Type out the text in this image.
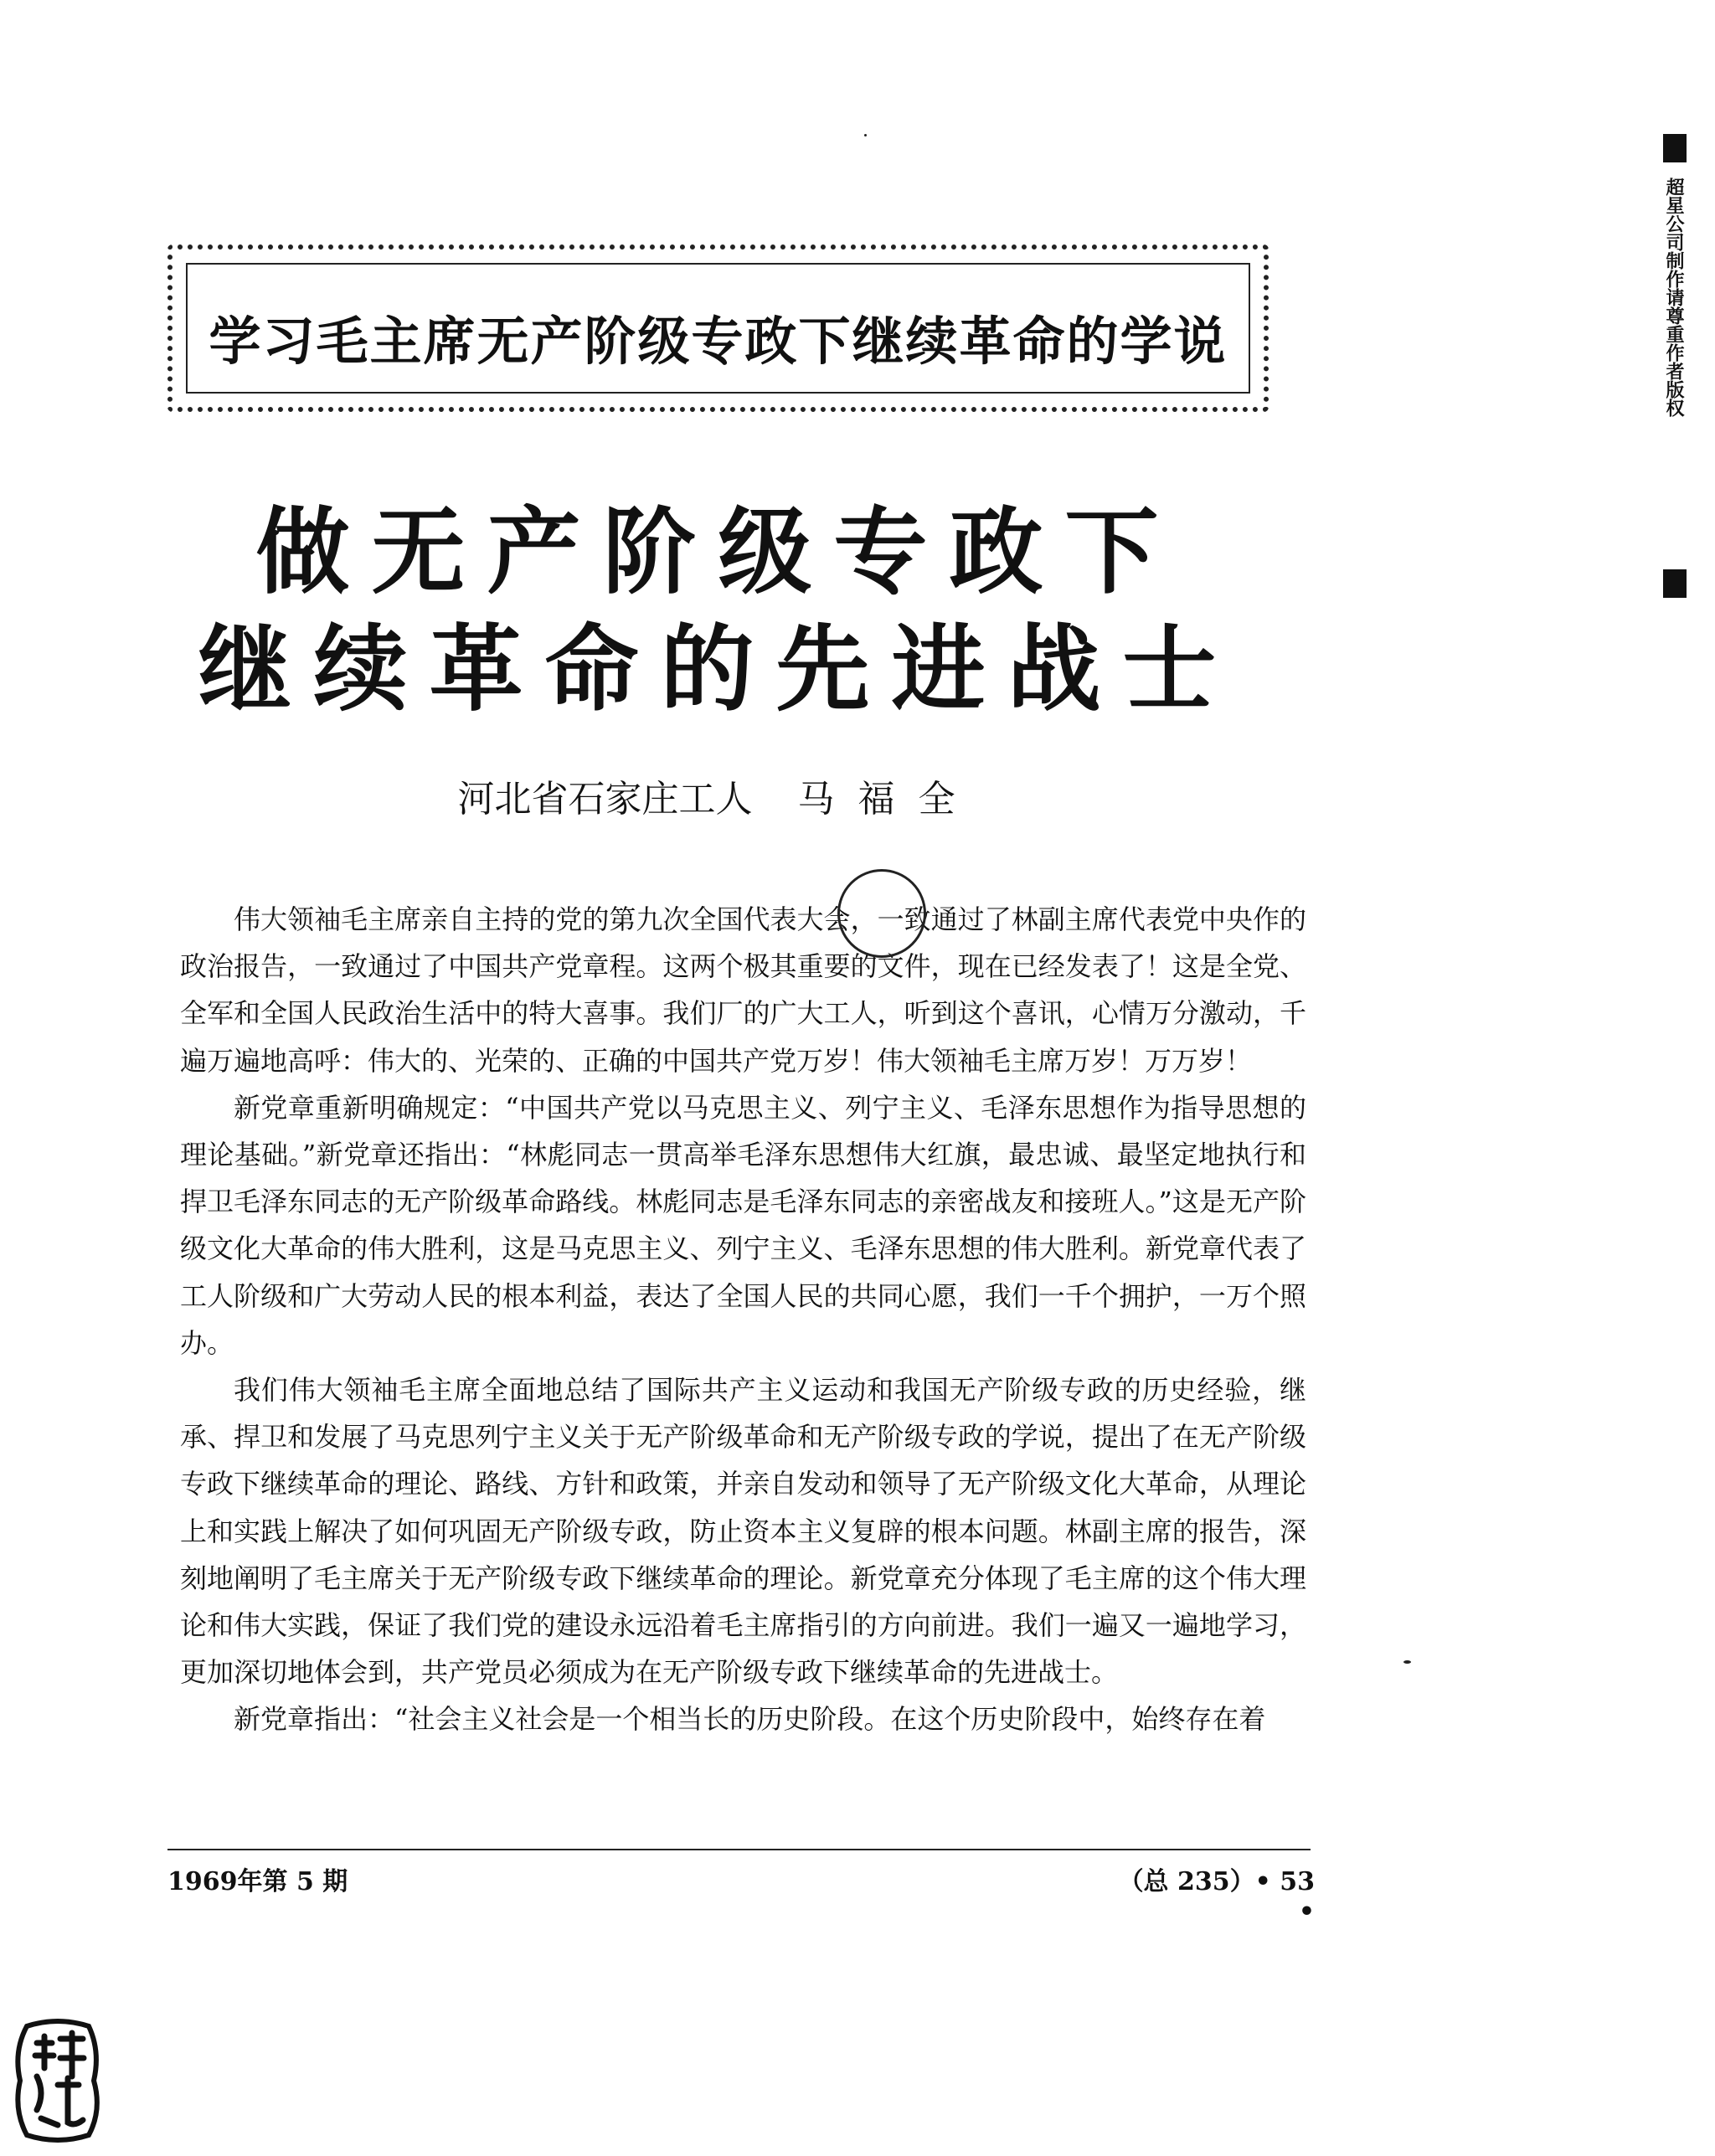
超星公司制作请尊重作者版权
学习毛主席无产阶级专政下继续革命的学说
做无产阶级专政下
继续革命的先进战士
河北省石家庄工人 马福全

伟大领袖毛主席亲自主持的党的第九次全国代表大会，一致通过了林副主席代表党中央作的政治报告，一致通过了中国共产党章程。这两个极其重要的文件，现在已经发表了！这是全党、全军和全国人民政治生活中的特大喜事。我们厂的广大工人，听到这个喜讯，心情万分激动，千遍万遍地高呼：伟大的、光荣的、正确的中国共产党万岁！伟大领袖毛主席万岁！万万岁！

新党章重新明确规定：“中国共产党以马克思主义、列宁主义、毛泽东思想作为指导思想的理论基础。”新党章还指出：“林彪同志一贯高举毛泽东思想伟大红旗，最忠诚、最坚定地执行和捍卫毛泽东同志的无产阶级革命路线。林彪同志是毛泽东同志的亲密战友和接班人。”这是无产阶级文化大革命的伟大胜利，这是马克思主义、列宁主义、毛泽东思想的伟大胜利。新党章代表了工人阶级和广大劳动人民的根本利益，表达了全国人民的共同心愿，我们一千个拥护，一万个照办。

我们伟大领袖毛主席全面地总结了国际共产主义运动和我国无产阶级专政的历史经验，继承、捍卫和发展了马克思列宁主义关于无产阶级革命和无产阶级专政的学说，提出了在无产阶级专政下继续革命的理论、路线、方针和政策，并亲自发动和领导了无产阶级文化大革命，从理论上和实践上解决了如何巩固无产阶级专政，防止资本主义复辟的根本问题。林副主席的报告，深刻地阐明了毛主席关于无产阶级专政下继续革命的理论。新党章充分体现了毛主席的这个伟大理论和伟大实践，保证了我们党的建设永远沿着毛主席指引的方向前进。我们一遍又一遍地学习，更加深切地体会到，共产党员必须成为在无产阶级专政下继续革命的先进战士。

新党章指出：“社会主义社会是一个相当长的历史阶段。在这个历史阶段中，始终存在着

1969年第 5 期	（总 235）• 53 •
